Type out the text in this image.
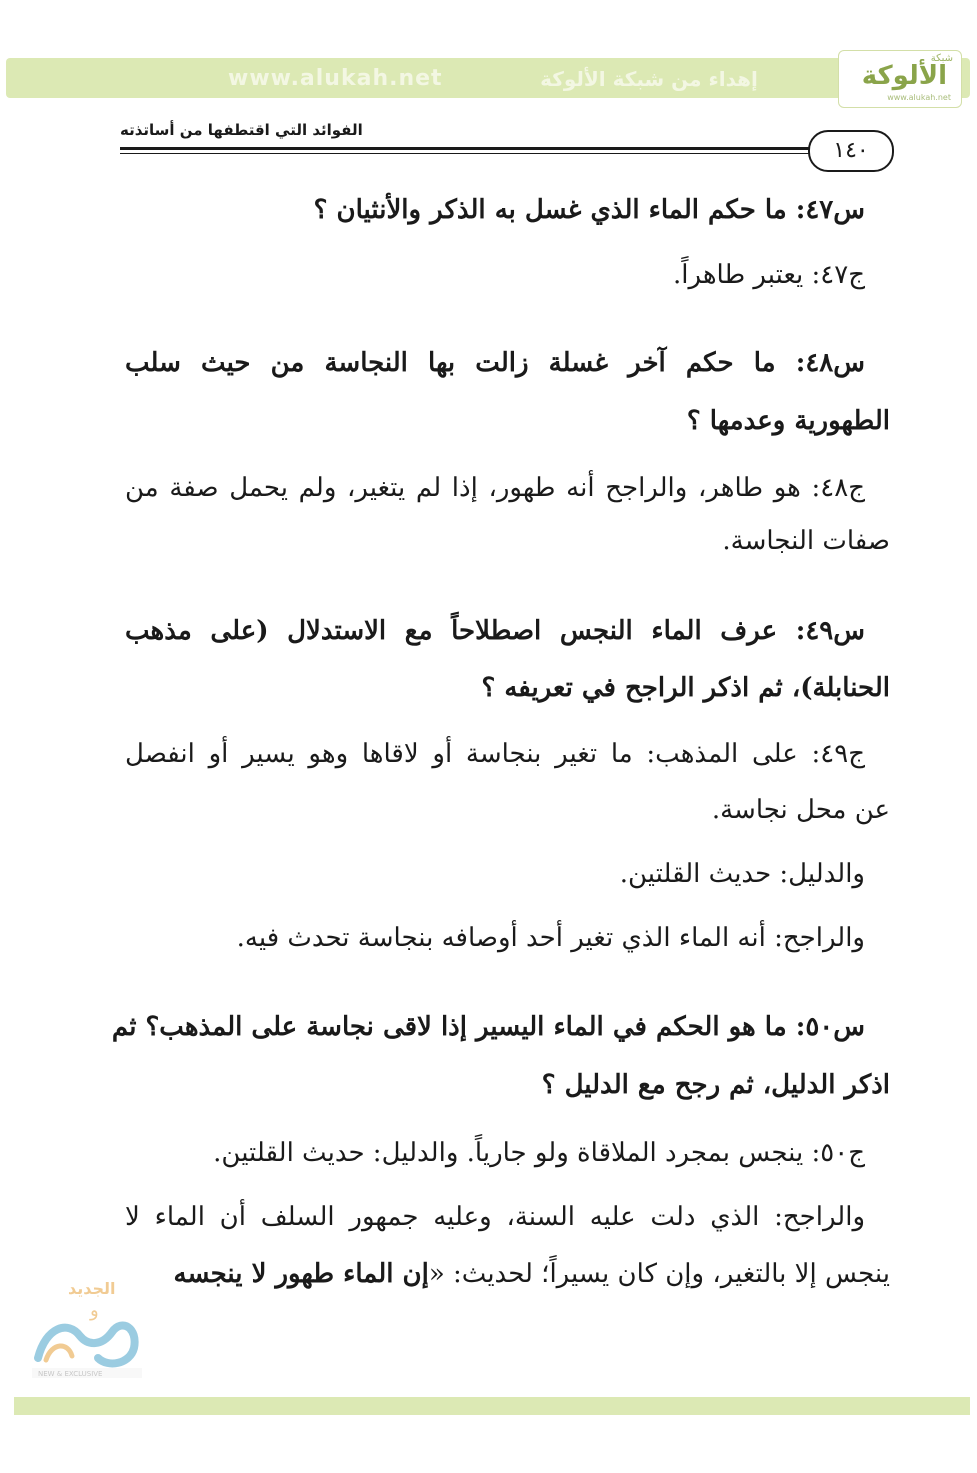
www.alukah.net	إهداء من شبكة الألوكة
شبكة
الألوكة
www.alukah.net
الفوائد التي اقتطفها من أساتذته
١٤٠
س٤٧: ما حكم الماء الذي غسل به الذكر والأنثيان ؟
ج٤٧: يعتبر طاهراً.
س٤٨: ما حكم آخر غسلة زالت بها النجاسة من حيث سلب
الطهورية وعدمها ؟
ج٤٨: هو طاهر، والراجح أنه طهور، إذا لم يتغير، ولم يحمل صفة من
صفات النجاسة.
س٤٩: عرف الماء النجس اصطلاحاً مع الاستدلال (على مذهب
الحنابلة)، ثم اذكر الراجح في تعريفه ؟
ج٤٩: على المذهب: ما تغير بنجاسة أو لاقاها وهو يسير أو انفصل
عن محل نجاسة.
والدليل: حديث القلتين.
والراجح: أنه الماء الذي تغير أحد أوصافه بنجاسة تحدث فيه.
س٥٠: ما هو الحكم في الماء اليسير إذا لاقى نجاسة على المذهب؟ ثم
اذكر الدليل، ثم رجح مع الدليل ؟
ج٥٠: ينجس بمجرد الملاقاة ولو جارياً. والدليل: حديث القلتين.
والراجح: الذي دلت عليه السنة، وعليه جمهور السلف أن الماء لا
ينجس إلا بالتغير، وإن كان يسيراً؛ لحديث: «إن الماء طهور لا ينجسه
الجديد
و
NEW & EXCLUSIVE
